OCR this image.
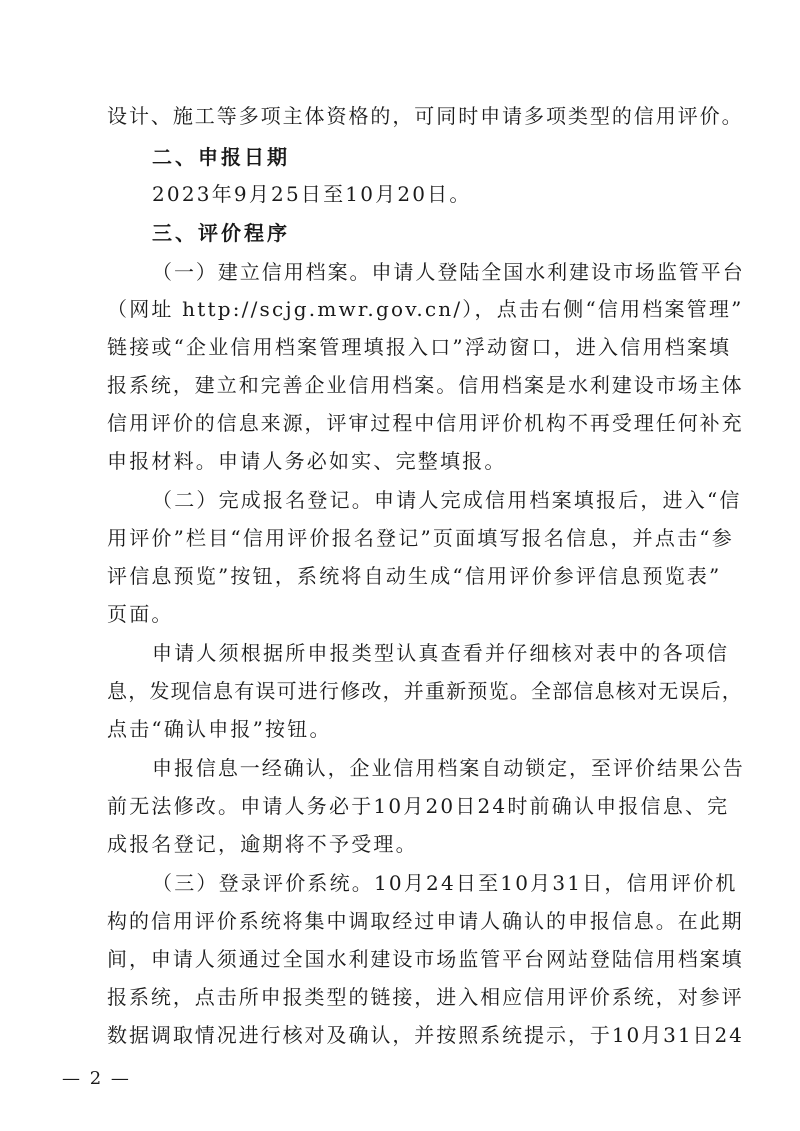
设计、施工等多项主体资格的，可同时申请多项类型的信用评价。
二、申报日期
2023年9月25日至10月20日。
三、评价程序
（一）建立信用档案。申请人登陆全国水利建设市场监管平台
（网址 http://scjg.mwr.gov.cn/），点击右侧“信用档案管理”
链接或“企业信用档案管理填报入口”浮动窗口，进入信用档案填
报系统，建立和完善企业信用档案。信用档案是水利建设市场主体
信用评价的信息来源，评审过程中信用评价机构不再受理任何补充
申报材料。申请人务必如实、完整填报。
（二）完成报名登记。申请人完成信用档案填报后，进入“信
用评价”栏目“信用评价报名登记”页面填写报名信息，并点击“参
评信息预览”按钮，系统将自动生成“信用评价参评信息预览表”
页面。
申请人须根据所申报类型认真查看并仔细核对表中的各项信
息，发现信息有误可进行修改，并重新预览。全部信息核对无误后，
点击“确认申报”按钮。
申报信息一经确认，企业信用档案自动锁定，至评价结果公告
前无法修改。申请人务必于10月20日24时前确认申报信息、完
成报名登记，逾期将不予受理。
（三）登录评价系统。10月24日至10月31日，信用评价机
构的信用评价系统将集中调取经过申请人确认的申报信息。在此期
间，申请人须通过全国水利建设市场监管平台网站登陆信用档案填
报系统，点击所申报类型的链接，进入相应信用评价系统，对参评
数据调取情况进行核对及确认，并按照系统提示，于10月31日24
— 2 —
